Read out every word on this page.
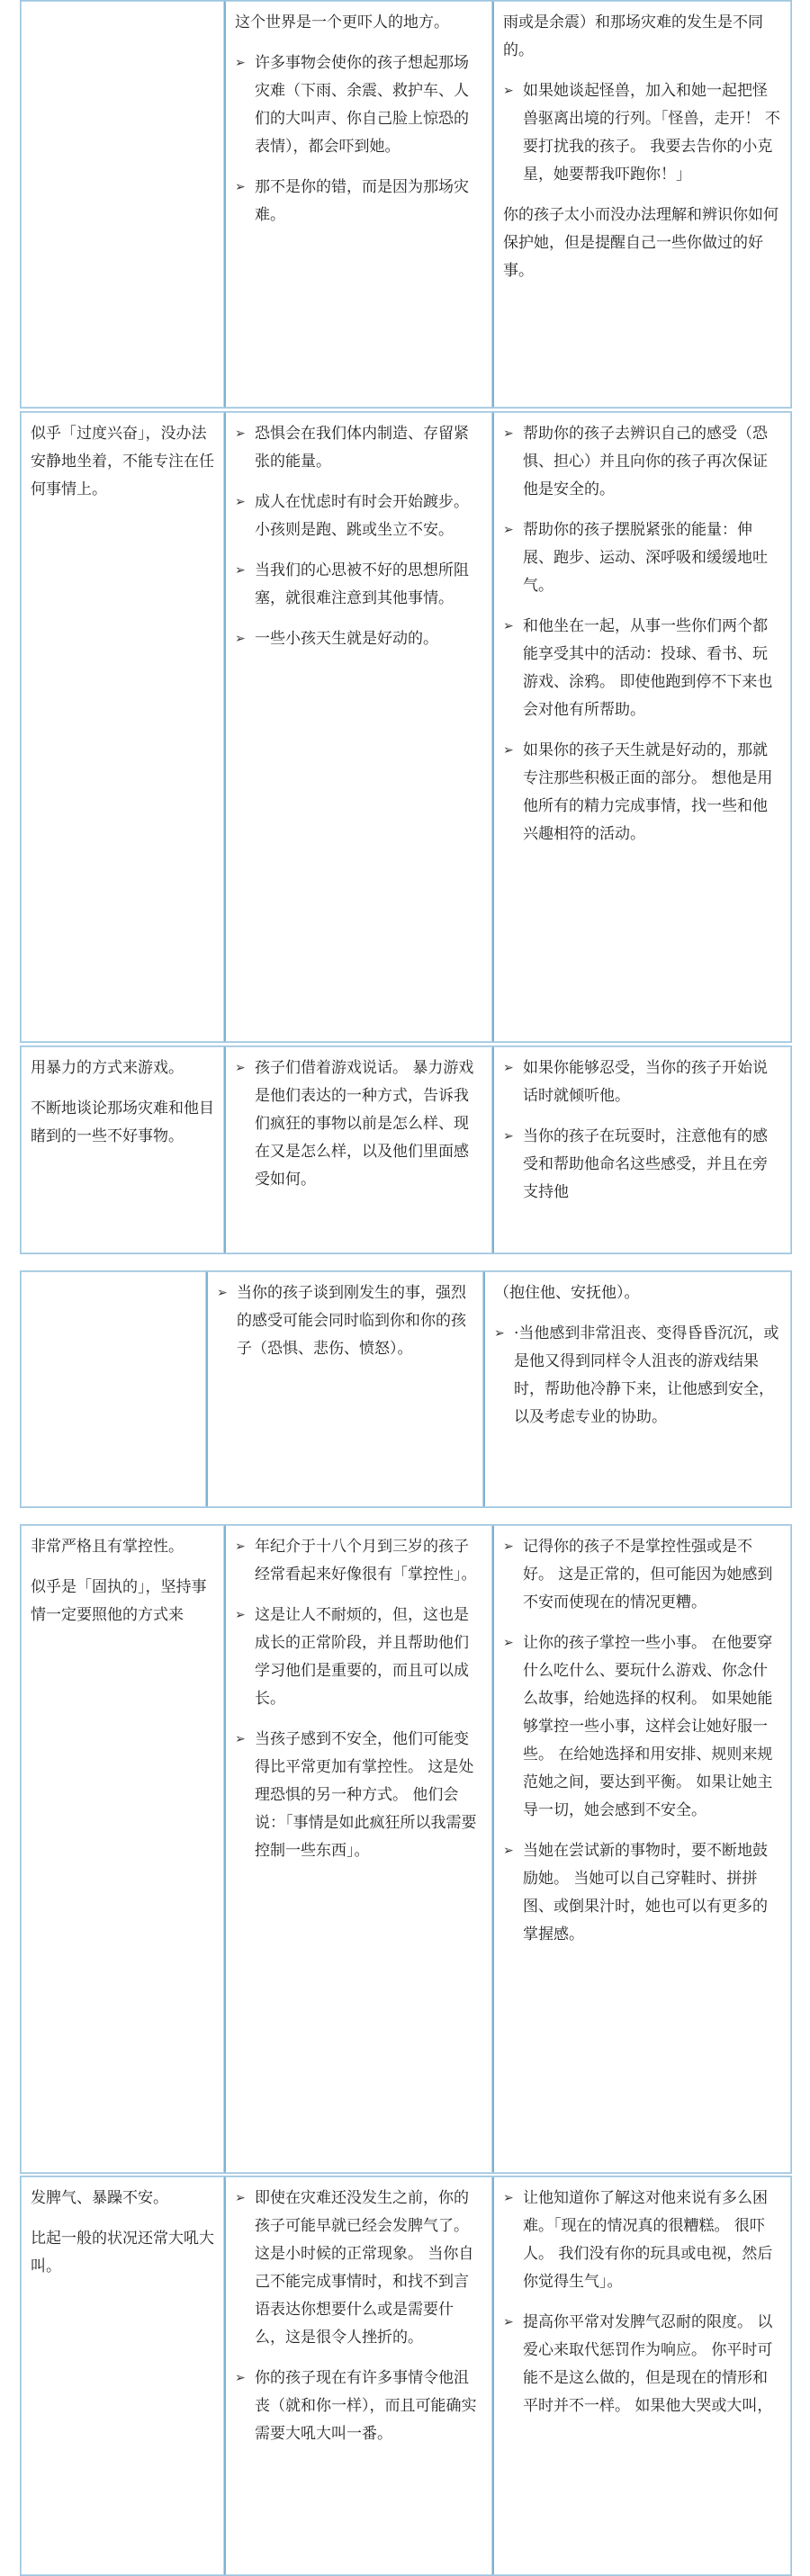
这个世界是一个更吓人的地方。
➢ 许多事物会使你的孩子想起那场灾难（下雨、余震、救护车、人们的大叫声、你自己脸上惊恐的表情），都会吓到她。
➢ 那不是你的错，而是因为那场灾难。
雨或是余震）和那场灾难的发生是不同的。
➢ 如果她谈起怪兽，加入和她一起把怪兽驱离出境的行列。「怪兽，走开！ 不要打扰我的孩子。 我要去告你的小克星，她要帮我吓跑你！」
你的孩子太小而没办法理解和辨识你如何保护她，但是提醒自己一些你做过的好事。
似乎「过度兴奋」，没办法安静地坐着，不能专注在任何事情上。
➢ 恐惧会在我们体内制造、存留紧张的能量。
➢ 成人在忧虑时有时会开始踱步。 小孩则是跑、跳或坐立不安。
➢ 当我们的心思被不好的思想所阻塞，就很难注意到其他事情。
➢ 一些小孩天生就是好动的。
➢ 帮助你的孩子去辨识自己的感受（恐惧、担心）并且向你的孩子再次保证他是安全的。
➢ 帮助你的孩子摆脱紧张的能量：伸展、跑步、运动、深呼吸和缓缓地吐气。
➢ 和他坐在一起，从事一些你们两个都能享受其中的活动：投球、看书、玩游戏、涂鸦。 即使他跑到停不下来也会对他有所帮助。
➢ 如果你的孩子天生就是好动的，那就专注那些积极正面的部分。 想他是用他所有的精力完成事情，找一些和他兴趣相符的活动。
用暴力的方式来游戏。
不断地谈论那场灾难和他目睹到的一些不好事物。
➢ 孩子们借着游戏说话。 暴力游戏是他们表达的一种方式，告诉我们疯狂的事物以前是怎么样、现在又是怎么样，以及他们里面感受如何。
➢ 如果你能够忍受，当你的孩子开始说话时就倾听他。
➢ 当你的孩子在玩耍时，注意他有的感受和帮助他命名这些感受，并且在旁支持他
➢ 当你的孩子谈到刚发生的事，强烈的感受可能会同时临到你和你的孩子（恐惧、悲伤、愤怒）。
（抱住他、安抚他）。
➢ ·当他感到非常沮丧、变得昏昏沉沉，或是他又得到同样令人沮丧的游戏结果时，帮助他冷静下来，让他感到安全，以及考虑专业的协助。
非常严格且有掌控性。
似乎是「固执的」，坚持事情一定要照他的方式来
➢ 年纪介于十八个月到三岁的孩子经常看起来好像很有「掌控性」。
➢ 这是让人不耐烦的，但，这也是成长的正常阶段，并且帮助他们学习他们是重要的，而且可以成长。
➢ 当孩子感到不安全，他们可能变得比平常更加有掌控性。 这是处理恐惧的另一种方式。 他们会说：「事情是如此疯狂所以我需要控制一些东西」。
➢ 记得你的孩子不是掌控性强或是不好。 这是正常的，但可能因为她感到不安而使现在的情况更糟。
➢ 让你的孩子掌控一些小事。 在他要穿什么吃什么、要玩什么游戏、你念什么故事，给她选择的权利。 如果她能够掌控一些小事，这样会让她好服一些。 在给她选择和用安排、规则来规范她之间，要达到平衡。 如果让她主导一切，她会感到不安全。
➢ 当她在尝试新的事物时，要不断地鼓励她。 当她可以自己穿鞋时、拼拼图、或倒果汁时，她也可以有更多的掌握感。
发脾气、暴躁不安。
比起一般的状况还常大吼大叫。
➢ 即使在灾难还没发生之前，你的孩子可能早就已经会发脾气了。 这是小时候的正常现象。 当你自己不能完成事情时，和找不到言语表达你想要什么或是需要什么，这是很令人挫折的。
➢ 你的孩子现在有许多事情令他沮丧（就和你一样），而且可能确实需要大吼大叫一番。
➢ 让他知道你了解这对他来说有多么困难。「现在的情况真的很糟糕。 很吓人。 我们没有你的玩具或电视，然后你觉得生气」。
➢ 提高你平常对发脾气忍耐的限度。 以爱心来取代惩罚作为响应。 你平时可能不是这么做的，但是现在的情形和平时并不一样。 如果他大哭或大叫，
